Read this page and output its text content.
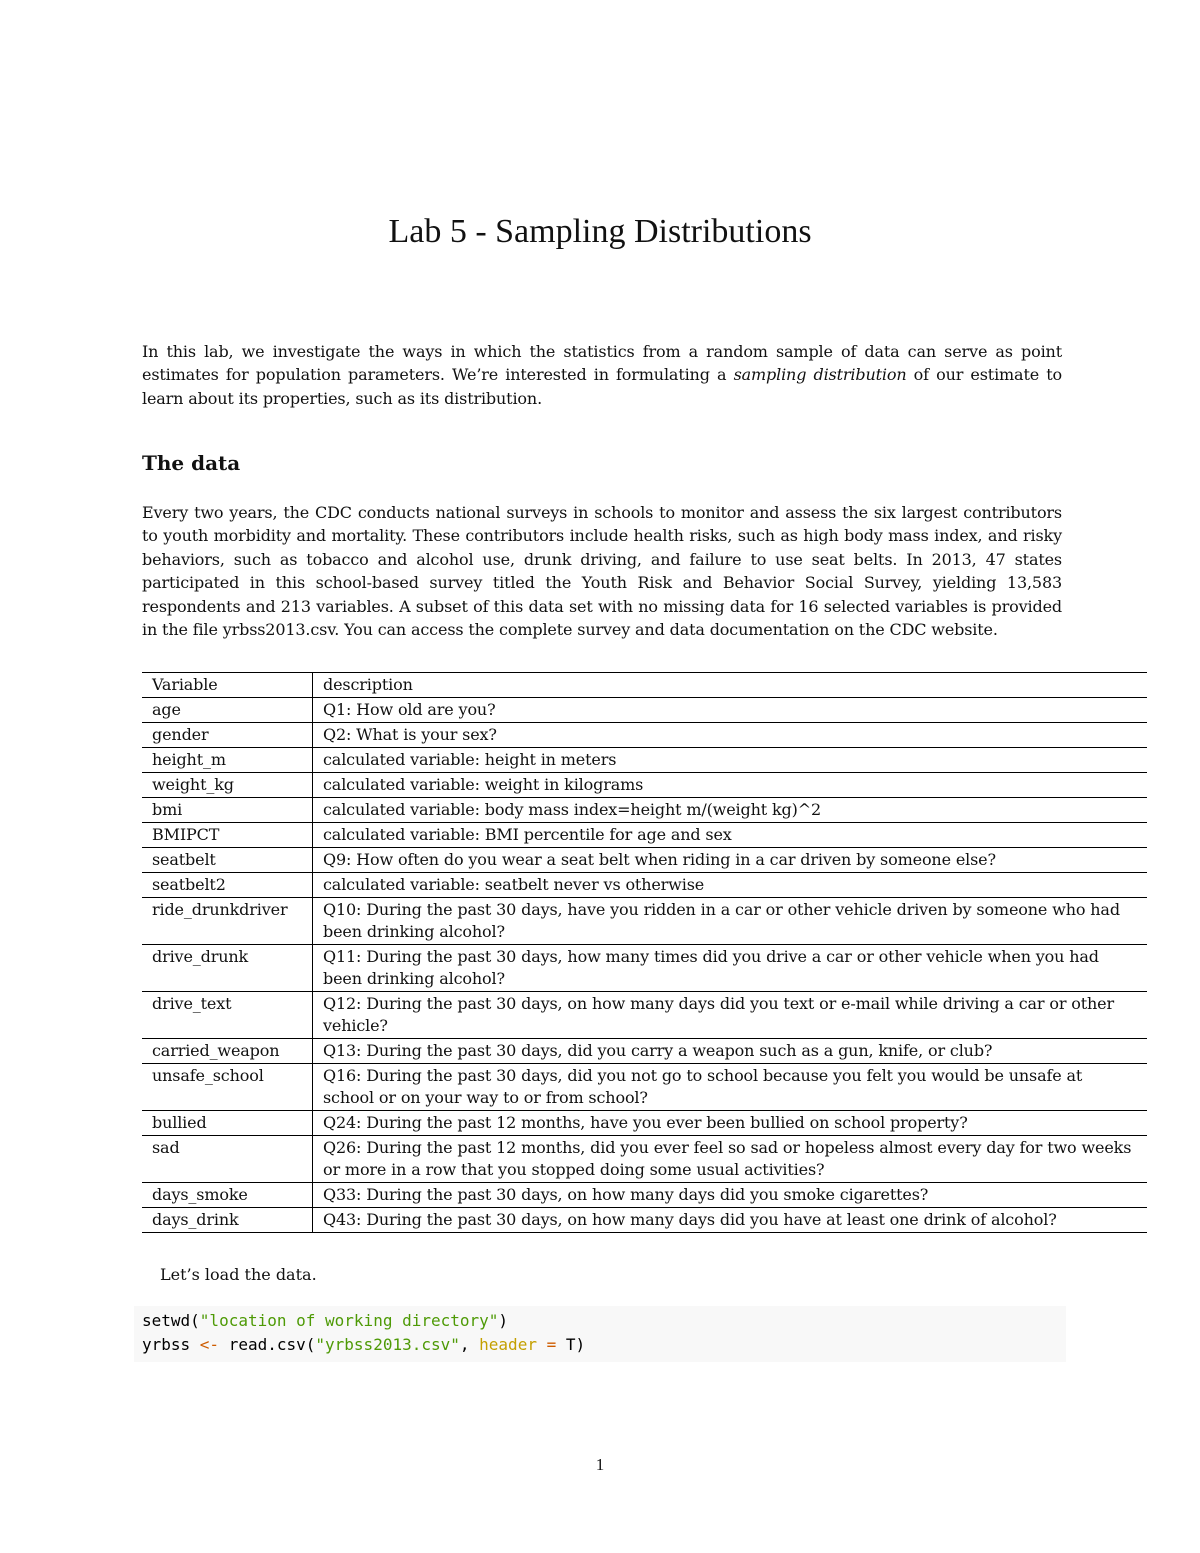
Lab 5 - Sampling Distributions

In this lab, we investigate the ways in which the statistics from a random sample of data can serve as point estimates for population parameters. We’re interested in formulating a sampling distribution of our estimate to learn about its properties, such as its distribution.

The data

Every two years, the CDC conducts national surveys in schools to monitor and assess the six largest contributors to youth morbidity and mortality. These contributors include health risks, such as high body mass index, and risky behaviors, such as tobacco and alcohol use, drunk driving, and failure to use seat belts. In 2013, 47 states participated in this school-based survey titled the Youth Risk and Behavior Social Survey, yielding 13,583 respondents and 213 variables. A subset of this data set with no missing data for 16 selected variables is provided in the file yrbss2013.csv. You can access the complete survey and data documentation on the CDC website.

Variable	description
age	Q1: How old are you?
gender	Q2: What is your sex?
height_m	calculated variable: height in meters
weight_kg	calculated variable: weight in kilograms
bmi	calculated variable: body mass index=height m/(weight kg)^2
BMIPCT	calculated variable: BMI percentile for age and sex
seatbelt	Q9: How often do you wear a seat belt when riding in a car driven by someone else?
seatbelt2	calculated variable: seatbelt never vs otherwise
ride_drunkdriver	Q10: During the past 30 days, have you ridden in a car or other vehicle driven by someone who had been drinking alcohol?
drive_drunk	Q11: During the past 30 days, how many times did you drive a car or other vehicle when you had been drinking alcohol?
drive_text	Q12: During the past 30 days, on how many days did you text or e-mail while driving a car or other vehicle?
carried_weapon	Q13: During the past 30 days, did you carry a weapon such as a gun, knife, or club?
unsafe_school	Q16: During the past 30 days, did you not go to school because you felt you would be unsafe at school or on your way to or from school?
bullied	Q24: During the past 12 months, have you ever been bullied on school property?
sad	Q26: During the past 12 months, did you ever feel so sad or hopeless almost every day for two weeks or more in a row that you stopped doing some usual activities?
days_smoke	Q33: During the past 30 days, on how many days did you smoke cigarettes?
days_drink	Q43: During the past 30 days, on how many days did you have at least one drink of alcohol?
Let’s load the data.
setwd("location of working directory")
yrbss <- read.csv("yrbss2013.csv", header = T)
1
